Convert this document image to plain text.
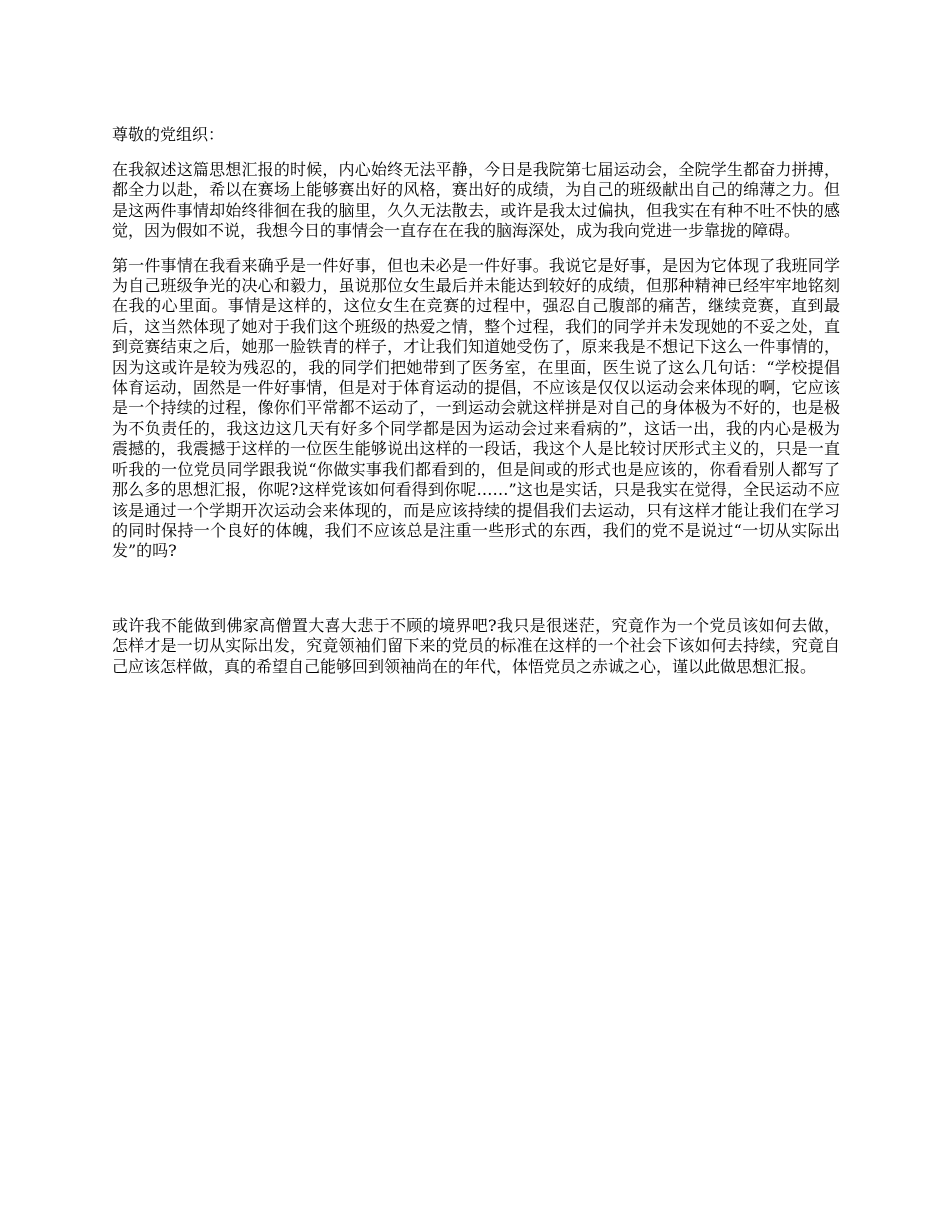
尊敬的党组织：

在我叙述这篇思想汇报的时候，内心始终无法平静，今日是我院第七届运动会，全院学生都奋力拼搏，都全力以赴，希以在赛场上能够赛出好的风格，赛出好的成绩，为自己的班级献出自己的绵薄之力。但是这两件事情却始终徘徊在我的脑里，久久无法散去，或许是我太过偏执，但我实在有种不吐不快的感觉，因为假如不说，我想今日的事情会一直存在在我的脑海深处，成为我向党进一步靠拢的障碍。

第一件事情在我看来确乎是一件好事，但也未必是一件好事。我说它是好事，是因为它体现了我班同学为自己班级争光的决心和毅力，虽说那位女生最后并未能达到较好的成绩，但那种精神已经牢牢地铭刻在我的心里面。事情是这样的，这位女生在竞赛的过程中，强忍自己腹部的痛苦，继续竞赛，直到最后，这当然体现了她对于我们这个班级的热爱之情，整个过程，我们的同学并未发现她的不妥之处，直到竞赛结束之后，她那一脸铁青的样子，才让我们知道她受伤了，原来我是不想记下这么一件事情的，因为这或许是较为残忍的，我的同学们把她带到了医务室，在里面，医生说了这么几句话：“学校提倡体育运动，固然是一件好事情，但是对于体育运动的提倡，不应该是仅仅以运动会来体现的啊，它应该是一个持续的过程，像你们平常都不运动了，一到运动会就这样拼是对自己的身体极为不好的，也是极为不负责任的，我这边这几天有好多个同学都是因为运动会过来看病的”，这话一出，我的内心是极为震撼的，我震撼于这样的一位医生能够说出这样的一段话，我这个人是比较讨厌形式主义的，只是一直听我的一位党员同学跟我说“你做实事我们都看到的，但是间或的形式也是应该的，你看看别人都写了那么多的思想汇报，你呢?这样党该如何看得到你呢……”这也是实话，只是我实在觉得，全民运动不应该是通过一个学期开次运动会来体现的，而是应该持续的提倡我们去运动，只有这样才能让我们在学习的同时保持一个良好的体魄，我们不应该总是注重一些形式的东西，我们的党不是说过“一切从实际出发”的吗?

或许我不能做到佛家高僧置大喜大悲于不顾的境界吧?我只是很迷茫，究竟作为一个党员该如何去做，怎样才是一切从实际出发，究竟领袖们留下来的党员的标准在这样的一个社会下该如何去持续，究竟自己应该怎样做，真的希望自己能够回到领袖尚在的年代，体悟党员之赤诚之心，谨以此做思想汇报。
